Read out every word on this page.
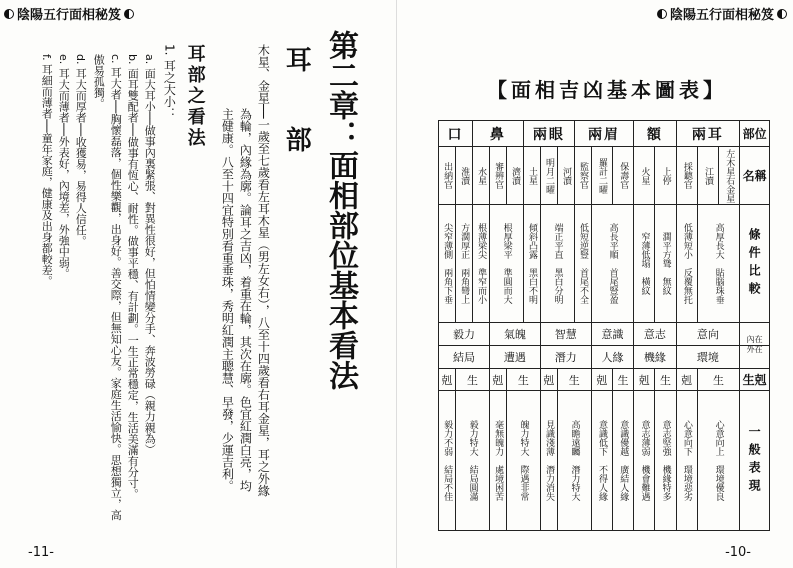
陰陽五行面相秘笈
第二章：面相部位基本看法
耳　部
木星、金星──一歲至七歲看左耳木星（男左女右），八至十四歲看右耳金星，耳之外緣
為輪，內緣為廓。論耳之吉凶，着重在輪，其次在廓。色宜紅潤白亮，均
主健康。八至十四宜特別看重垂珠，秀明紅潤主聰慧、早發，少運吉利。
耳部之看法
1. 耳之大小：
a. 面大耳小──做事內裏緊張、對異性很好，但怕情變分手、奔波勞碌（親力親為）
b. 面耳雙配者──做事有恆心、耐性。做事平穩、有計劃。一生正常穩定，生活美滿有分寸。
c. 耳大者──胸懷磊落，個性樂觀，出身好。善交際，但無知心友。家庭生活愉快。思想獨立，高
傲易孤獨。
d. 耳大而厚者──收獲易，易得人信任。
e. 耳大而薄者──外表好，內境差，外強中弱。
f. 耳細而薄者──童年家庭，健康及出身都較差。
-11-
陰陽五行面相秘笈
【面相吉凶基本圖表】
口		鼻			兩眼			兩眉			額		兩耳			部位
出納官	淮瀆	水星	審辨官	濟瀆	土星	明月二曜	河瀆	監察官	羅計二曜	保壽官	火星	上停	採聽官	江瀆	左木星右金星	名稱
尖窄薄側　兩角下垂	方濶厚正　兩角彎上	根薄梁尖　準窄而小	根厚梁平　準圓而大		傾斜凸露　黑白不明	端正平直　黑白分明		低短逆豎　首尾不全	高長平順　首尾豎盈		窄薄低塌　橫紋	濶平方聳　無紋	低薄短小　反覆無托	高厚長大　貼腦珠垂		條件比較
毅力			氣魄			智慧			意識		意志		意向			內在
外在

結局			遭遇			潛力			人緣		機緣		環境			
剋	生		剋	生		剋	生		剋	生	剋	生	剋	生		生剋
毅力不弱　結局不佳	毅力特大　結局圓滿		毫無魄力　處境困苦	魄力特大　際遇非常		見識淺薄　潛力消失	高瞻遠矚　潛力特大		意識低下　不得人緣	意識優越　廣結人緣	意志薄弱　機會難遇	意志堅強　機緣特多	心意向下　環境惡劣	心意向上　環境優良		一般表現
-10-
